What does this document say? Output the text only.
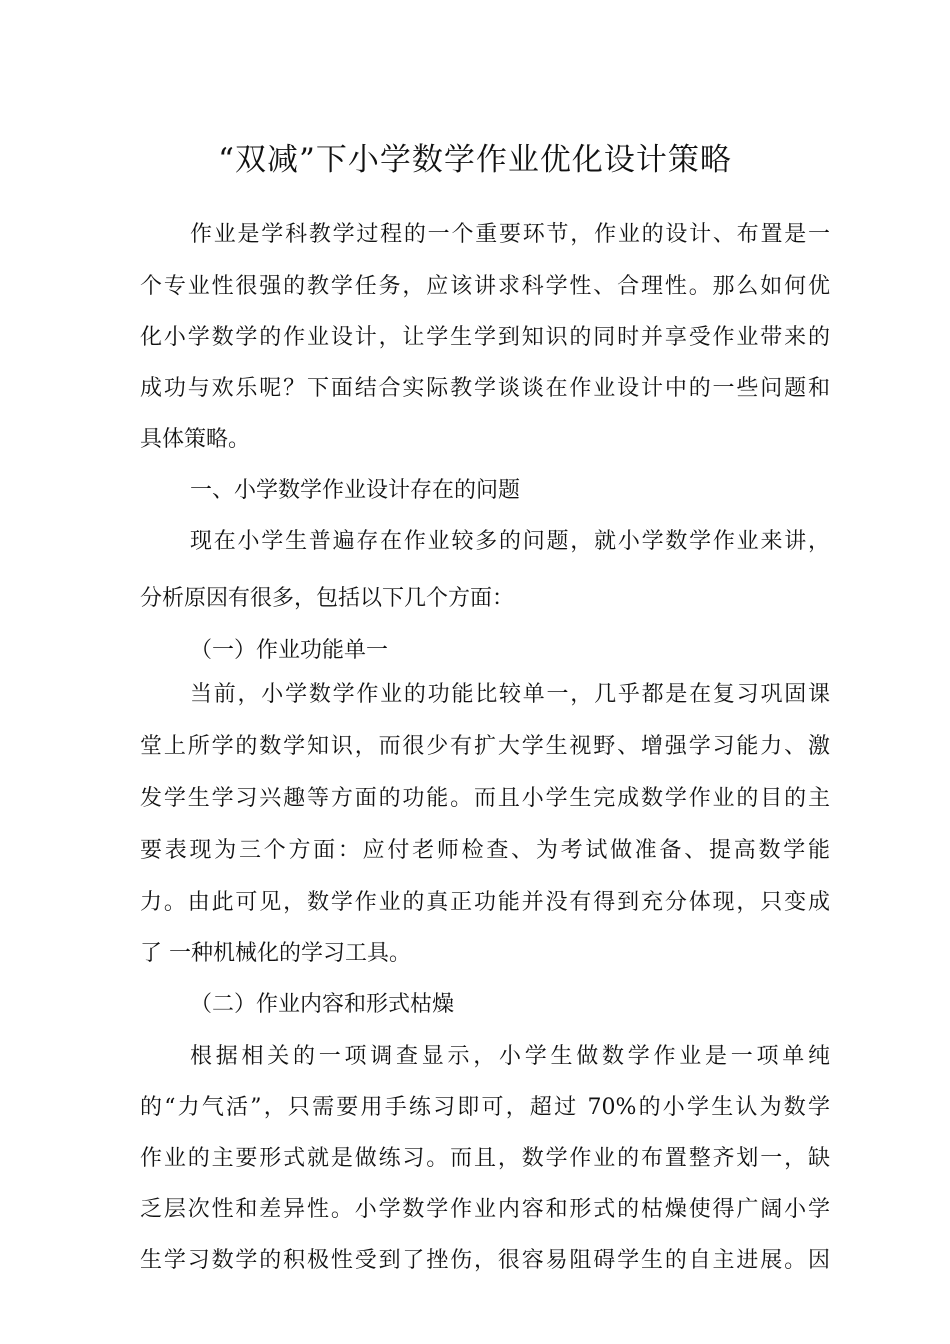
“双减”下小学数学作业优化设计策略
作业是学科教学过程的一个重要环节，作业的设计、布置是一
个专业性很强的教学任务，应该讲求科学性、合理性。那么如何优
化小学数学的作业设计，让学生学到知识的同时并享受作业带来的
成功与欢乐呢？下面结合实际教学谈谈在作业设计中的一些问题和
具体策略。
一、小学数学作业设计存在的问题
现在小学生普遍存在作业较多的问题，就小学数学作业来讲，
分析原因有很多，包括以下几个方面：
（一）作业功能单一
当前，小学数学作业的功能比较单一，几乎都是在复习巩固课
堂上所学的数学知识，而很少有扩大学生视野、增强学习能力、激
发学生学习兴趣等方面的功能。而且小学生完成数学作业的目的主
要表现为三个方面：应付老师检查、为考试做准备、提高数学能
力。由此可见，数学作业的真正功能并没有得到充分体现，只变成
了 一种机械化的学习工具。
（二）作业内容和形式枯燥
根据相关的一项调查显示，小学生做数学作业是一项单纯
的“力气活”，只需要用手练习即可，超过 70%的小学生认为数学
作业的主要形式就是做练习。而且，数学作业的布置整齐划一，缺
乏层次性和差异性。小学数学作业内容和形式的枯燥使得广阔小学
生学习数学的积极性受到了挫伤，很容易阻碍学生的自主进展。因
